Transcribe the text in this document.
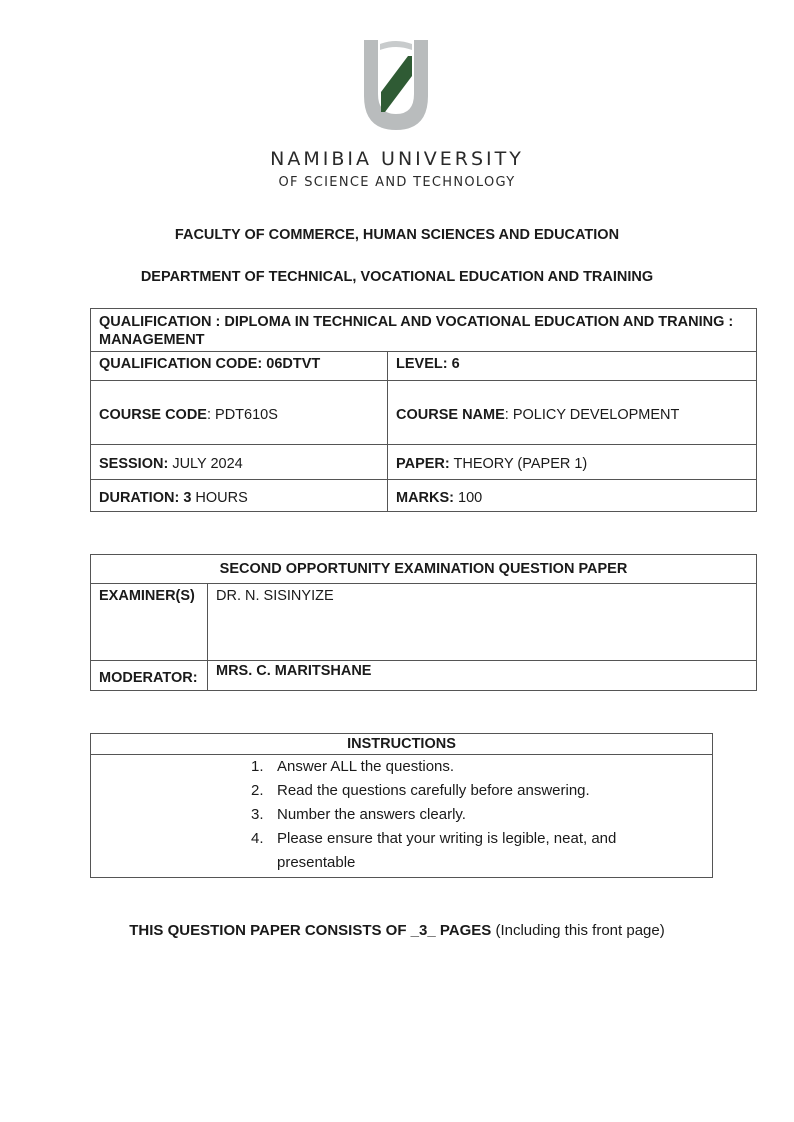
NAMIBIA UNIVERSITY
OF SCIENCE AND TECHNOLOGY
FACULTY OF COMMERCE, HUMAN SCIENCES AND EDUCATION
DEPARTMENT OF TECHNICAL, VOCATIONAL EDUCATION AND TRAINING
QUALIFICATION : DIPLOMA IN TECHNICAL AND VOCATIONAL EDUCATION AND TRANING : MANAGEMENT	
QUALIFICATION CODE: 06DTVT	LEVEL: 6
COURSE CODE: PDT610S	COURSE NAME: POLICY DEVELOPMENT
SESSION: JULY 2024	PAPER: THEORY (PAPER 1)
DURATION: 3 HOURS	MARKS: 100
SECOND OPPORTUNITY EXAMINATION QUESTION PAPER	
EXAMINER(S)	DR. N. SISINYIZE
MODERATOR:	MRS. C. MARITSHANE
INSTRUCTIONS

1. Answer ALL the questions.
2. Read the questions carefully before answering.
3. Number the answers clearly.
4. Please ensure that your writing is legible, neat, and presentable
THIS QUESTION PAPER CONSISTS OF _3_ PAGES (Including this front page)
